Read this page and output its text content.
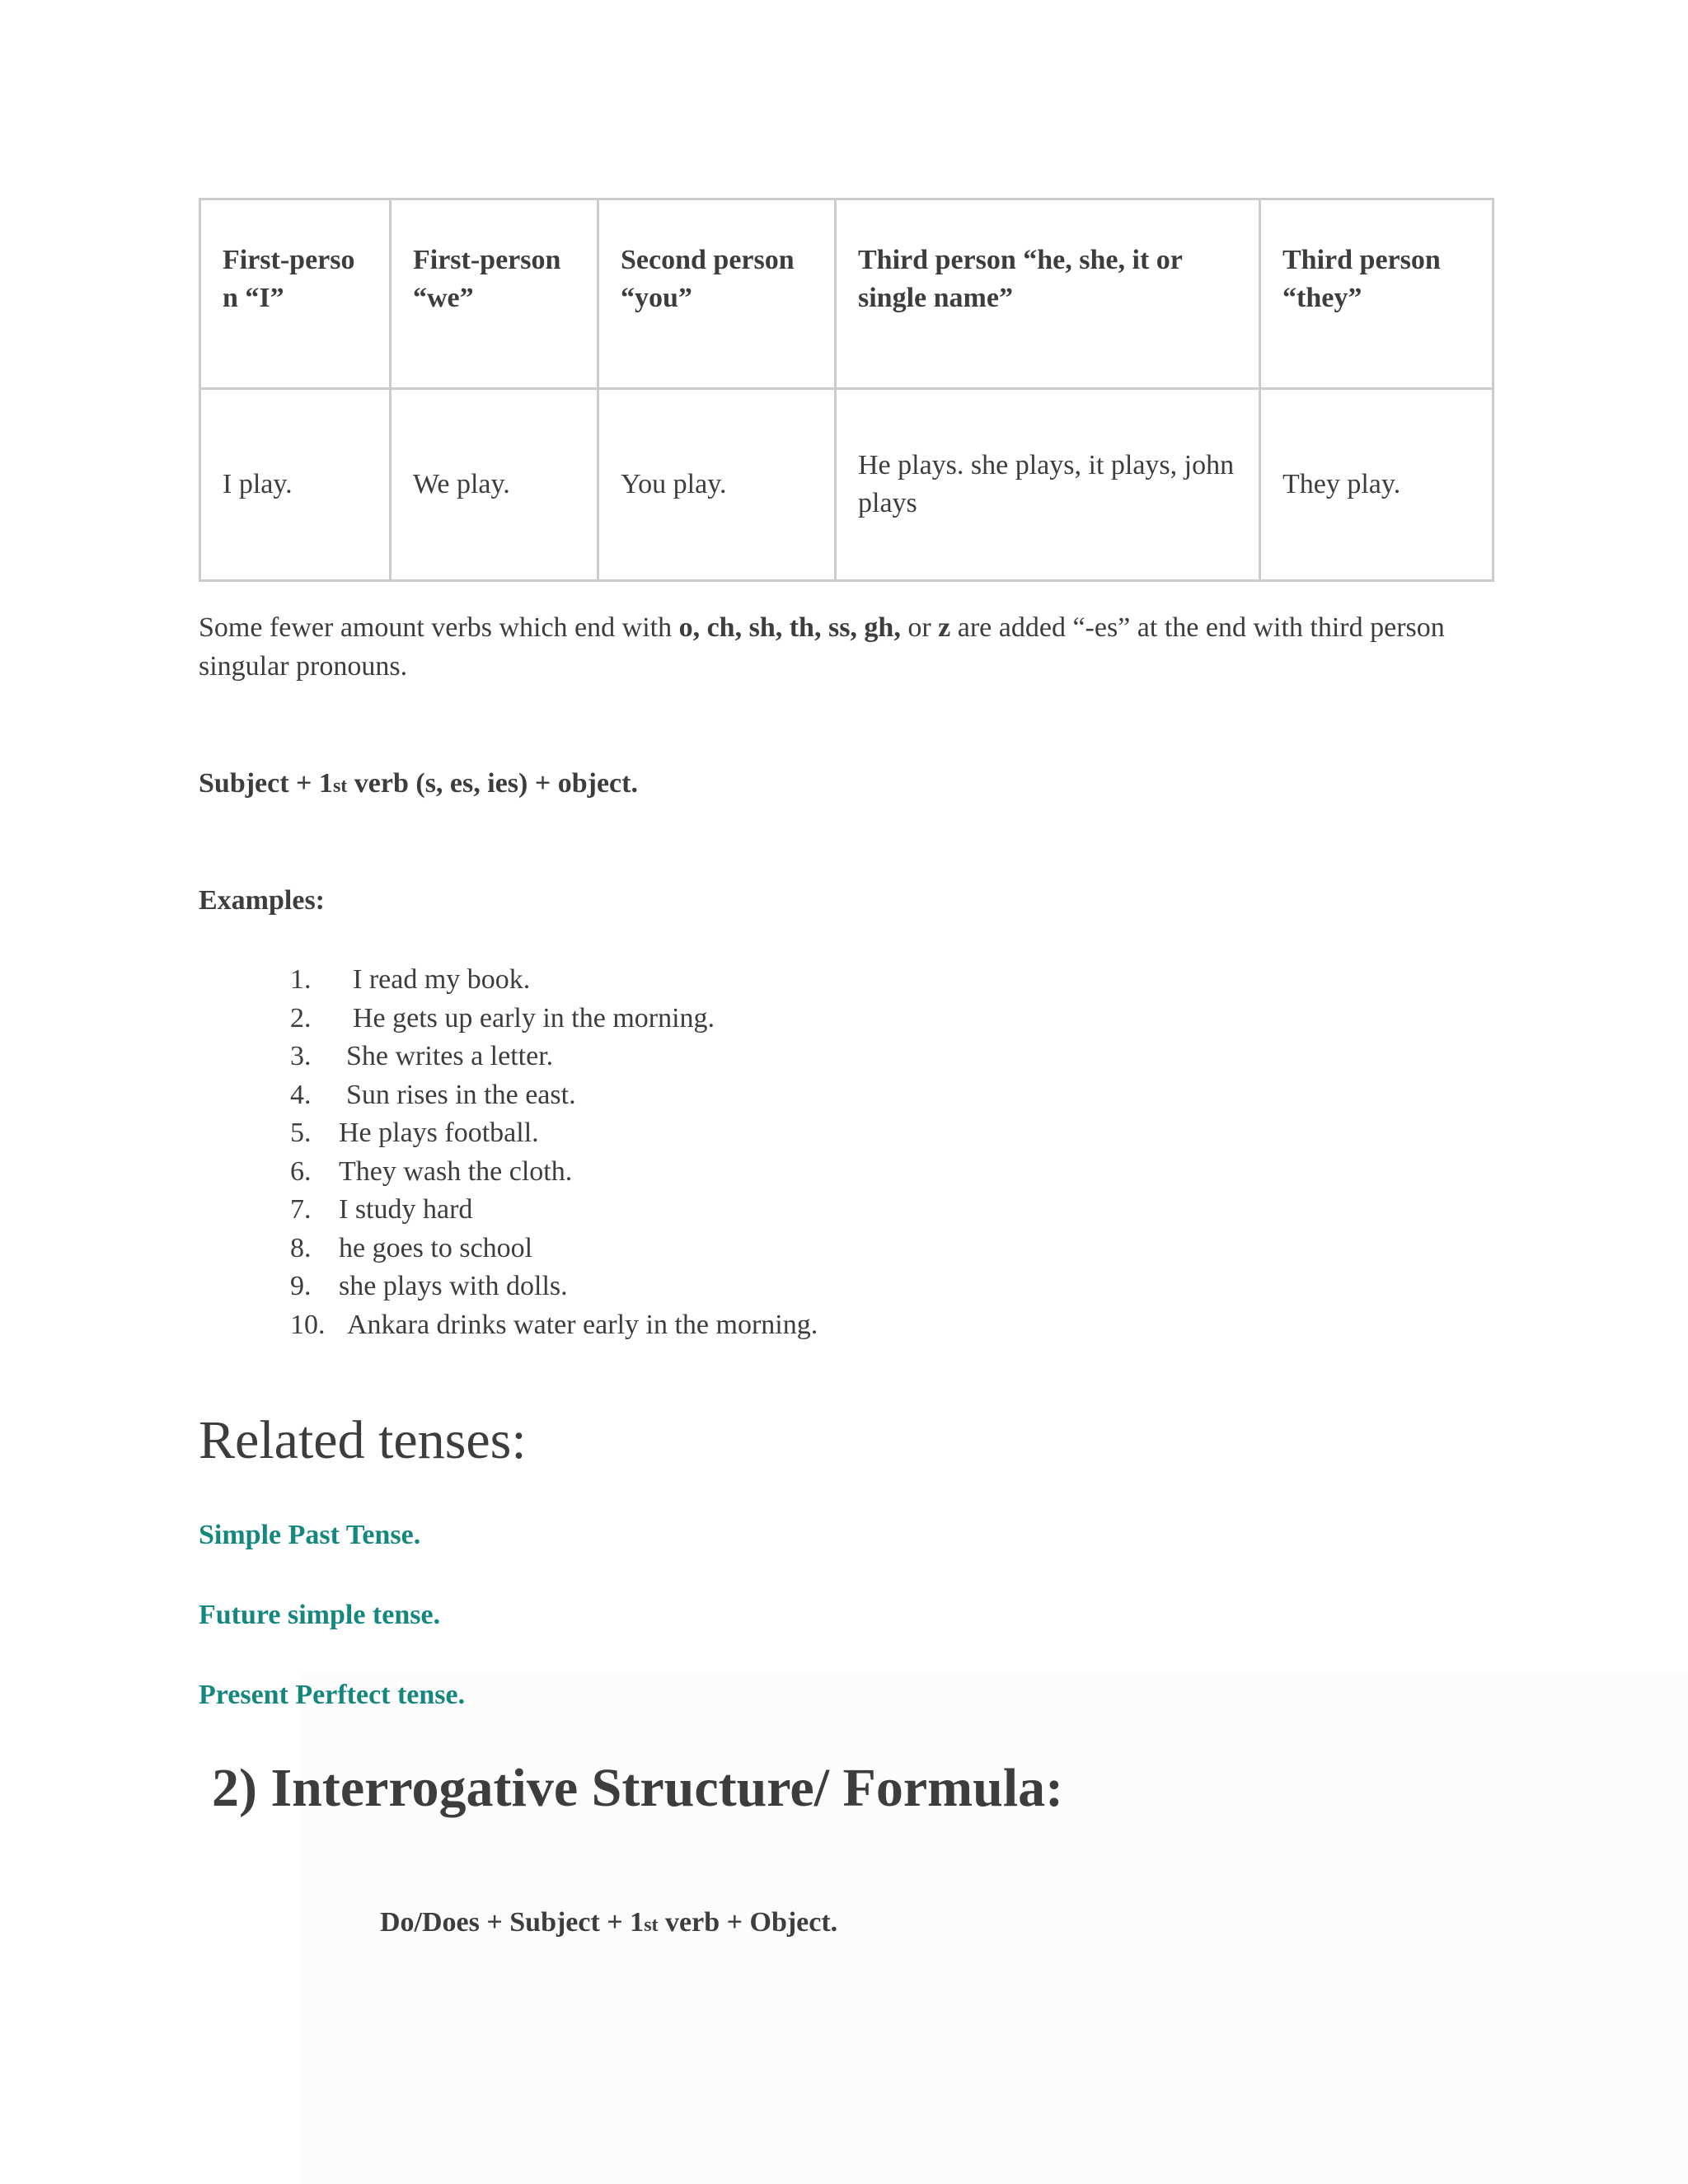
First-perso n “I”	First-person “we”	Second person “you”	Third person “he, she, it or single name”	Third person “they”
I play.	We play.	You play.	He plays. she plays, it plays, john plays	They play.

Some fewer amount verbs which end with o, ch, sh, th, ss, gh, or z are added “-es” at the end with third person singular pronouns.

Subject + 1st verb (s, es, ies) + object.
Examples:
1. I read my book.
2. He gets up early in the morning.
3. She writes a letter.
4. Sun rises in the east.
5. He plays football.
6. They wash the cloth.
7. I study hard
8. he goes to school
9. she plays with dolls.
10. Ankara drinks water early in the morning.
Related tenses:
Simple Past Tense.
Future simple tense.
Present Perftect tense.
2) Interrogative Structure/ Formula:
Do/Does + Subject + 1st verb + Object.
